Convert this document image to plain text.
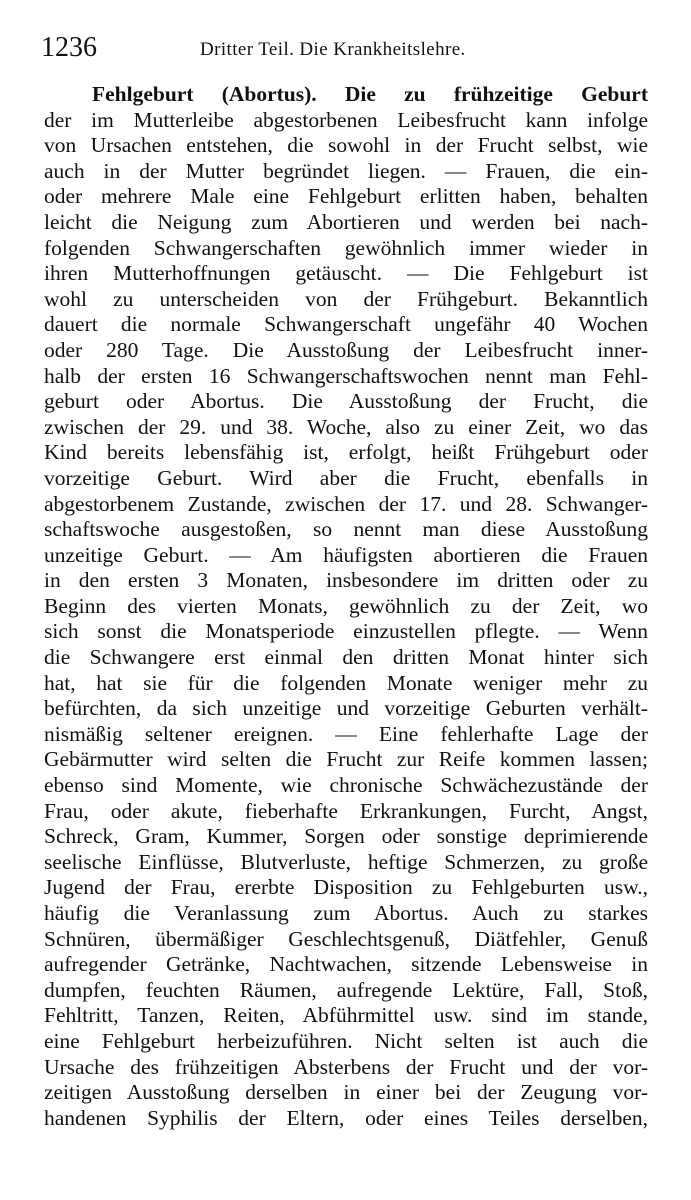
1236	Dritter Teil. Die Krankheitslehre.
Fehlgeburt (Abortus). Die zu frühzeitige Geburt
der im Mutterleibe abgestorbenen Leibesfrucht kann infolge
von Ursachen entstehen, die sowohl in der Frucht selbst, wie
auch in der Mutter begründet liegen. — Frauen, die ein-
oder mehrere Male eine Fehlgeburt erlitten haben, behalten
leicht die Neigung zum Abortieren und werden bei nach-
folgenden Schwangerschaften gewöhnlich immer wieder in
ihren Mutterhoffnungen getäuscht. — Die Fehlgeburt ist
wohl zu unterscheiden von der Frühgeburt. Bekanntlich
dauert die normale Schwangerschaft ungefähr 40 Wochen
oder 280 Tage. Die Ausstoßung der Leibesfrucht inner-
halb der ersten 16 Schwangerschaftswochen nennt man Fehl-
geburt oder Abortus. Die Ausstoßung der Frucht, die
zwischen der 29. und 38. Woche, also zu einer Zeit, wo das
Kind bereits lebensfähig ist, erfolgt, heißt Frühgeburt oder
vorzeitige Geburt. Wird aber die Frucht, ebenfalls in
abgestorbenem Zustande, zwischen der 17. und 28. Schwanger-
schaftswoche ausgestoßen, so nennt man diese Ausstoßung
unzeitige Geburt. — Am häufigsten abortieren die Frauen
in den ersten 3 Monaten, insbesondere im dritten oder zu
Beginn des vierten Monats, gewöhnlich zu der Zeit, wo
sich sonst die Monatsperiode einzustellen pflegte. — Wenn
die Schwangere erst einmal den dritten Monat hinter sich
hat, hat sie für die folgenden Monate weniger mehr zu
befürchten, da sich unzeitige und vorzeitige Geburten verhält-
nismäßig seltener ereignen. — Eine fehlerhafte Lage der
Gebärmutter wird selten die Frucht zur Reife kommen lassen;
ebenso sind Momente, wie chronische Schwächezustände der
Frau, oder akute, fieberhafte Erkrankungen, Furcht, Angst,
Schreck, Gram, Kummer, Sorgen oder sonstige deprimierende
seelische Einflüsse, Blutverluste, heftige Schmerzen, zu große
Jugend der Frau, ererbte Disposition zu Fehlgeburten usw.,
häufig die Veranlassung zum Abortus. Auch zu starkes
Schnüren, übermäßiger Geschlechtsgenuß, Diätfehler, Genuß
aufregender Getränke, Nachtwachen, sitzende Lebensweise in
dumpfen, feuchten Räumen, aufregende Lektüre, Fall, Stoß,
Fehltritt, Tanzen, Reiten, Abführmittel usw. sind im stande,
eine Fehlgeburt herbeizuführen. Nicht selten ist auch die
Ursache des frühzeitigen Absterbens der Frucht und der vor-
zeitigen Ausstoßung derselben in einer bei der Zeugung vor-
handenen Syphilis der Eltern, oder eines Teiles derselben,
